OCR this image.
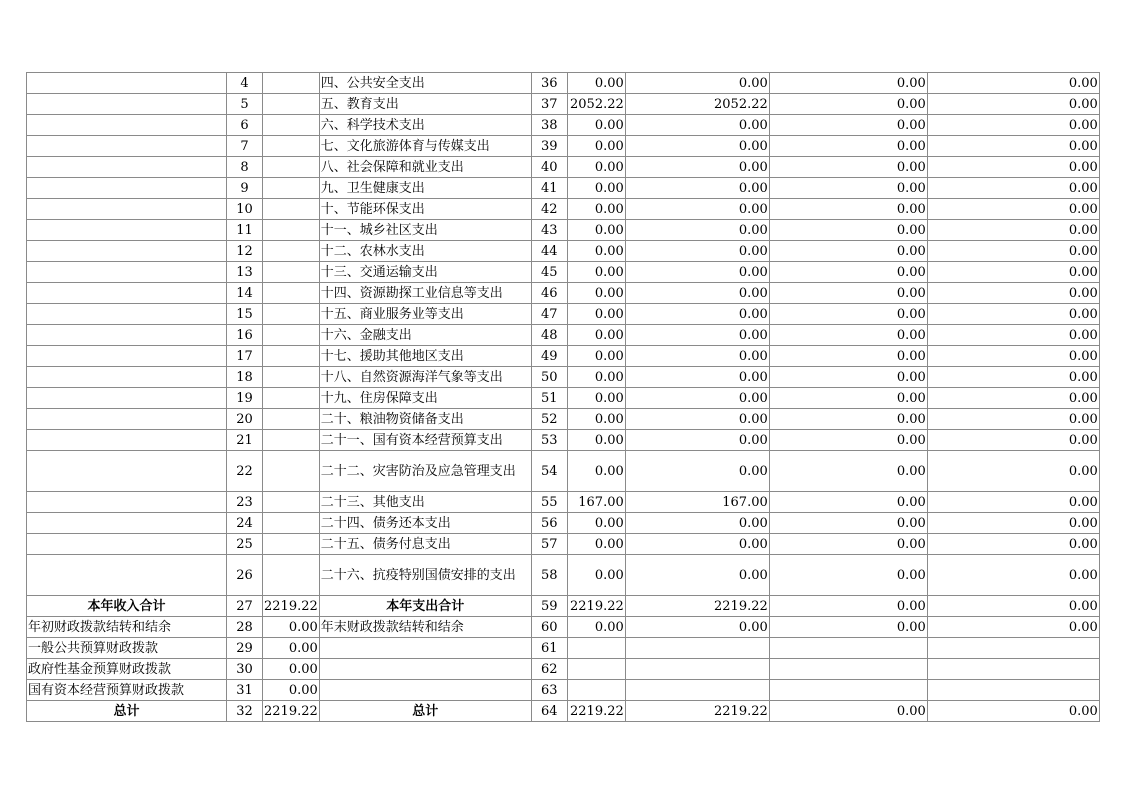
	4		四、公共安全支出	36	0.00	0.00	0.00	0.00
	5		五、教育支出	37	2052.22	2052.22	0.00	0.00
	6		六、科学技术支出	38	0.00	0.00	0.00	0.00
	7		七、文化旅游体育与传媒支出	39	0.00	0.00	0.00	0.00
	8		八、社会保障和就业支出	40	0.00	0.00	0.00	0.00
	9		九、卫生健康支出	41	0.00	0.00	0.00	0.00
	10		十、节能环保支出	42	0.00	0.00	0.00	0.00
	11		十一、城乡社区支出	43	0.00	0.00	0.00	0.00
	12		十二、农林水支出	44	0.00	0.00	0.00	0.00
	13		十三、交通运输支出	45	0.00	0.00	0.00	0.00
	14		十四、资源勘探工业信息等支出	46	0.00	0.00	0.00	0.00
	15		十五、商业服务业等支出	47	0.00	0.00	0.00	0.00
	16		十六、金融支出	48	0.00	0.00	0.00	0.00
	17		十七、援助其他地区支出	49	0.00	0.00	0.00	0.00
	18		十八、自然资源海洋气象等支出	50	0.00	0.00	0.00	0.00
	19		十九、住房保障支出	51	0.00	0.00	0.00	0.00
	20		二十、粮油物资储备支出	52	0.00	0.00	0.00	0.00
	21		二十一、国有资本经营预算支出	53	0.00	0.00	0.00	0.00
	22		二十二、灾害防治及应急管理支出	54	0.00	0.00	0.00	0.00
	23		二十三、其他支出	55	167.00	167.00	0.00	0.00
	24		二十四、债务还本支出	56	0.00	0.00	0.00	0.00
	25		二十五、债务付息支出	57	0.00	0.00	0.00	0.00
	26		二十六、抗疫特别国债安排的支出	58	0.00	0.00	0.00	0.00
本年收入合计	27	2219.22	本年支出合计	59	2219.22	2219.22	0.00	0.00
年初财政拨款结转和结余	28	0.00	年末财政拨款结转和结余	60	0.00	0.00	0.00	0.00
一般公共预算财政拨款	29	0.00		61				
政府性基金预算财政拨款	30	0.00		62				
国有资本经营预算财政拨款	31	0.00		63				
总计	32	2219.22	总计	64	2219.22	2219.22	0.00	0.00
